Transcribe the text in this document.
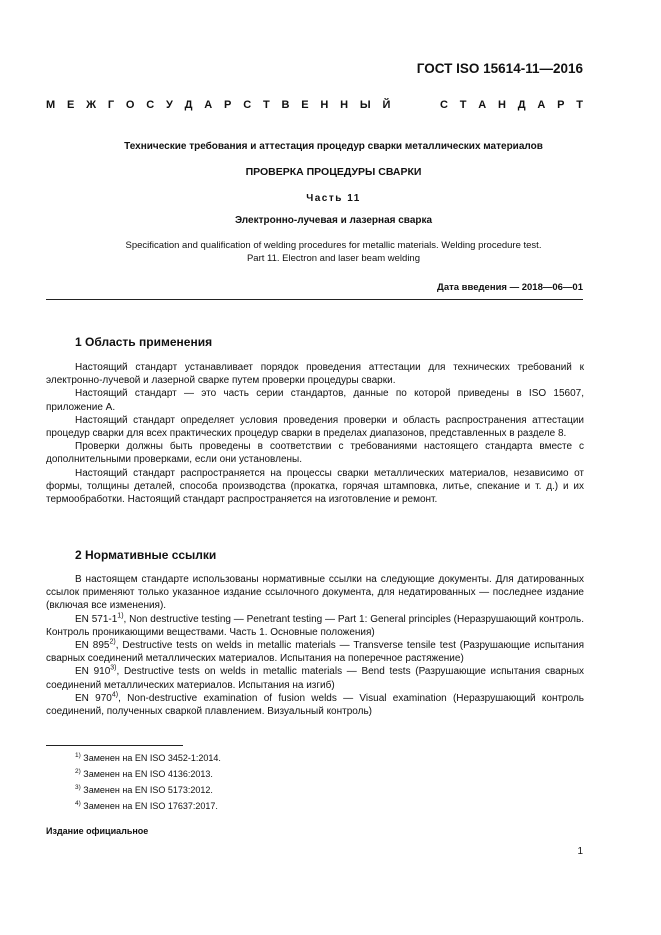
ГОСТ ISO 15614-11—2016
М Е Ж Г О С У Д А Р С Т В Е Н Н Ы Й	С Т А Н Д А Р Т
Технические требования и аттестация процедур сварки металлических материалов
ПРОВЕРКА ПРОЦЕДУРЫ СВАРКИ
Часть 11
Электронно-лучевая и лазерная сварка
Specification and qualification of welding procedures for metallic materials. Welding procedure test.
Part 11. Electron and laser beam welding
Дата введения — 2018—06—01
1 Область применения

Настоящий стандарт устанавливает порядок проведения аттестации для технических требований к электронно-лучевой и лазерной сварке путем проверки процедуры сварки.

Настоящий стандарт — это часть серии стандартов, данные по которой приведены в ISO 15607, приложение А.

Настоящий стандарт определяет условия проведения проверки и область распространения аттестации процедур сварки для всех практических процедур сварки в пределах диапазонов, представленных в разделе 8.

Проверки должны быть проведены в соответствии с требованиями настоящего стандарта вместе с дополнительными проверками, если они установлены.

Настоящий стандарт распространяется на процессы сварки металлических материалов, независимо от формы, толщины деталей, способа производства (прокатка, горячая штамповка, литье, спекание и т. д.) и их термообработки. Настоящий стандарт распространяется на изготовление и ремонт.

2 Нормативные ссылки

В настоящем стандарте использованы нормативные ссылки на следующие документы. Для датированных ссылок применяют только указанное издание ссылочного документа, для недатированных — последнее издание (включая все изменения).

EN 571-1$^{1)}$, Non destructive testing — Penetrant testing — Part 1: General principles (Неразрушающий контроль. Контроль проникающими веществами. Часть 1. Основные положения)

EN 895$^{2)}$, Destructive tests on welds in metallic materials — Transverse tensile test (Разрушающие испытания сварных соединений металлических материалов. Испытания на поперечное растяжение)

EN 910$^{3)}$, Destructive tests on welds in metallic materials — Bend tests (Разрушающие испытания сварных соединений металлических материалов. Испытания на изгиб)

EN 970$^{4)}$, Non-destructive examination of fusion welds — Visual examination (Неразрушающий контроль соединений, полученных сваркой плавлением. Визуальный контроль)

$^{1)}$ Заменен на EN ISO 3452-1:2014.
$^{2)}$ Заменен на EN ISO 4136:2013.
$^{3)}$ Заменен на EN ISO 5173:2012.
$^{4)}$ Заменен на EN ISO 17637:2017.
Издание официальное
1
